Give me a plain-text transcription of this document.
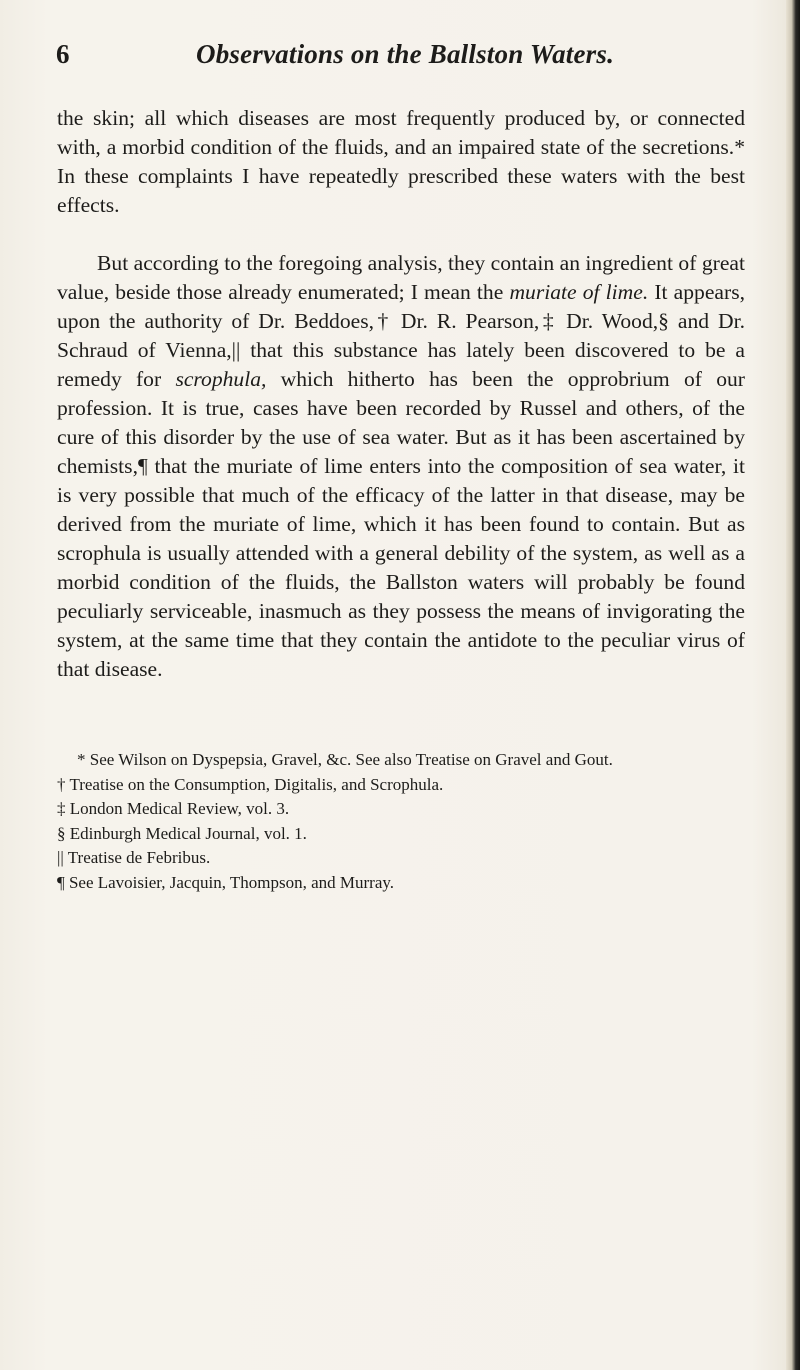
6	Observations on the Ballston Waters.

the skin; all which diseases are most frequently produced by, or connected with, a morbid condition of the fluids, and an impaired state of the secretions.* In these complaints I have repeatedly prescribed these waters with the best effects.

But according to the foregoing analysis, they contain an ingredient of great value, beside those already enumerated; I mean the muriate of lime. It appears, upon the authority of Dr. Beddoes,† Dr. R. Pearson,‡ Dr. Wood,§ and Dr. Schraud of Vienna,|| that this substance has lately been discovered to be a remedy for scrophula, which hitherto has been the opprobrium of our profession. It is true, cases have been recorded by Russel and others, of the cure of this disorder by the use of sea water. But as it has been ascertained by chemists,¶ that the muriate of lime enters into the composition of sea water, it is very possible that much of the efficacy of the latter in that disease, may be derived from the muriate of lime, which it has been found to contain. But as scrophula is usually attended with a general debility of the system, as well as a morbid condition of the fluids, the Ballston waters will probably be found peculiarly serviceable, inasmuch as they possess the means of invigorating the system, at the same time that they contain the antidote to the peculiar virus of that disease.

* See Wilson on Dyspepsia, Gravel, &c. See also Treatise on Gravel and Gout.

† Treatise on the Consumption, Digitalis, and Scrophula.

‡ London Medical Review, vol. 3.

§ Edinburgh Medical Journal, vol. 1.

|| Treatise de Febribus.

¶ See Lavoisier, Jacquin, Thompson, and Murray.
